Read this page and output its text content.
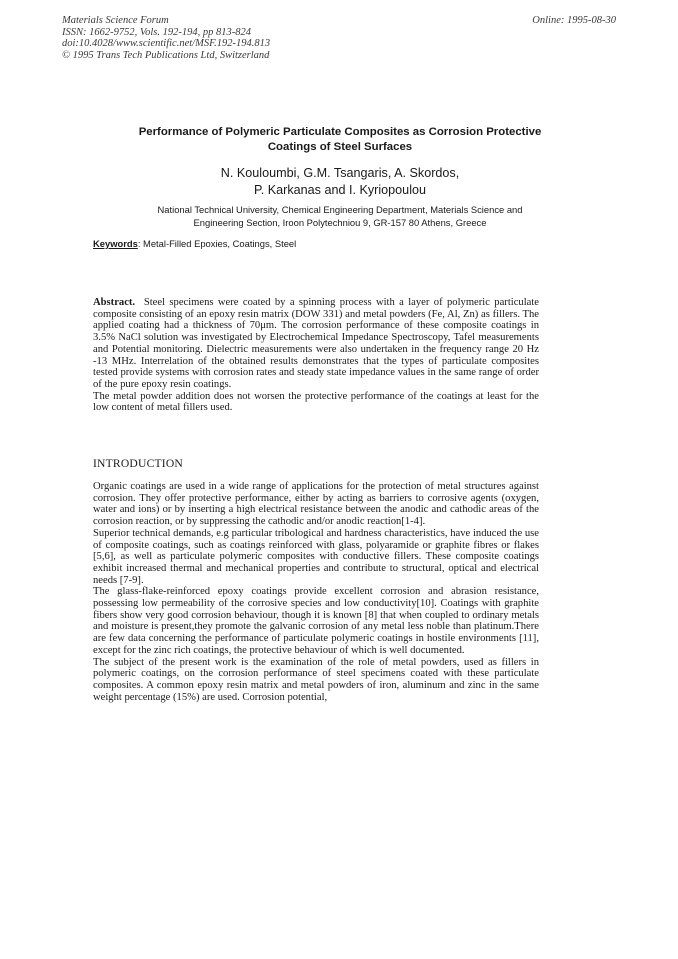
Materials Science Forum
ISSN: 1662-9752, Vols. 192-194, pp 813-824
doi:10.4028/www.scientific.net/MSF.192-194.813
© 1995 Trans Tech Publications Ltd, Switzerland
Online: 1995-08-30
Performance of Polymeric Particulate Composites as Corrosion Protective
Coatings of Steel Surfaces
N. Kouloumbi, G.M. Tsangaris, A. Skordos,
P. Karkanas and I. Kyriopoulou
National Technical University, Chemical Engineering Department, Materials Science and
Engineering Section, Iroon Polytechniou 9, GR-157 80 Athens, Greece
Keywords: Metal-Filled Epoxies, Coatings, Steel

Abstract. Steel specimens were coated by a spinning process with a layer of polymeric particulate composite consisting of an epoxy resin matrix (DOW 331) and metal powders (Fe, Al, Zn) as fillers. The applied coating had a thickness of 70μm. The corrosion performance of these composite coatings in 3.5% NaCl solution was investigated by Electrochemical Impedance Spectroscopy, Tafel measurements and Potential monitoring. Dielectric measurements were also undertaken in the frequency range 20 Hz -13 MHz. Interrelation of the obtained results demonstrates that the types of particulate composites tested provide systems with corrosion rates and steady state impedance values in the same range of order of the pure epoxy resin coatings.

The metal powder addition does not worsen the protective performance of the coatings at least for the low content of metal fillers used.

INTRODUCTION

Organic coatings are used in a wide range of applications for the protection of metal structures against corrosion. They offer protective performance, either by acting as barriers to corrosive agents (oxygen, water and ions) or by inserting a high electrical resistance between the anodic and cathodic areas of the corrosion reaction, or by suppressing the cathodic and/or anodic reaction[1-4].

Superior technical demands, e.g particular tribological and hardness characteristics, have induced the use of composite coatings, such as coatings reinforced with glass, polyaramide or graphite fibres or flakes [5,6], as well as particulate polymeric composites with conductive fillers. These composite coatings exhibit increased thermal and mechanical properties and contribute to structural, optical and electrical needs [7-9].

The glass-flake-reinforced epoxy coatings provide excellent corrosion and abrasion resistance, possessing low permeability of the corrosive species and low conductivity[10]. Coatings with graphite fibers show very good corrosion behaviour, though it is known [8] that when coupled to ordinary metals and moisture is present,they promote the galvanic corrosion of any metal less noble than platinum.There are few data concerning the performance of particulate polymeric coatings in hostile environments [11], except for the zinc rich coatings, the protective behaviour of which is well documented.

The subject of the present work is the examination of the role of metal powders, used as fillers in polymeric coatings, on the corrosion performance of steel specimens coated with these particulate composites. A common epoxy resin matrix and metal powders of iron, aluminum and zinc in the same weight percentage (15%) are used. Corrosion potential,
